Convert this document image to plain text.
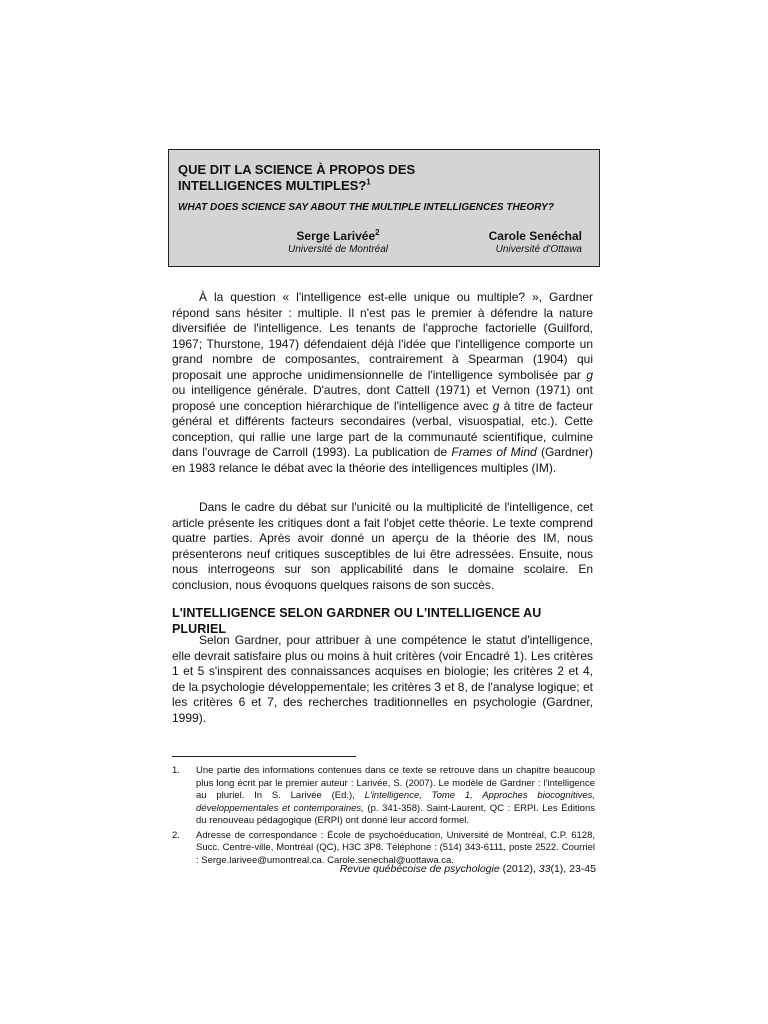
QUE DIT LA SCIENCE À PROPOS DES INTELLIGENCES MULTIPLES?$^1$
WHAT DOES SCIENCE SAY ABOUT THE MULTIPLE INTELLIGENCES THEORY?
Serge Larivée$^2$
Université de Montréal
Carole Senéchal
Université d'Ottawa

À la question « l'intelligence est-elle unique ou multiple? », Gardner répond sans hésiter : multiple. Il n'est pas le premier à défendre la nature diversifiée de l'intelligence. Les tenants de l'approche factorielle (Guilford, 1967; Thurstone, 1947) défendaient déjà l'idée que l'intelligence comporte un grand nombre de composantes, contrairement à Spearman (1904) qui proposait une approche unidimensionnelle de l'intelligence symbolisée par g ou intelligence générale. D'autres, dont Cattell (1971) et Vernon (1971) ont proposé une conception hiérarchique de l'intelligence avec g à titre de facteur général et différents facteurs secondaires (verbal, visuospatial, etc.). Cette conception, qui rallie une large part de la communauté scientifique, culmine dans l'ouvrage de Carroll (1993). La publication de Frames of Mind (Gardner) en 1983 relance le débat avec la théorie des intelligences multiples (IM).

Dans le cadre du débat sur l'unicité ou la multiplicité de l'intelligence, cet article présente les critiques dont a fait l'objet cette théorie. Le texte comprend quatre parties. Après avoir donné un aperçu de la théorie des IM, nous présenterons neuf critiques susceptibles de lui être adressées. Ensuite, nous nous interrogeons sur son applicabilité dans le domaine scolaire. En conclusion, nous évoquons quelques raisons de son succès.

L'INTELLIGENCE SELON GARDNER OU L'INTELLIGENCE AU PLURIEL

Selon Gardner, pour attribuer à une compétence le statut d'intelligence, elle devrait satisfaire plus ou moins à huit critères (voir Encadré 1). Les critères 1 et 5 s'inspirent des connaissances acquises en biologie; les critères 2 et 4, de la psychologie développementale; les critères 3 et 8, de l'analyse logique; et les critères 6 et 7, des recherches traditionnelles en psychologie (Gardner, 1999).

1. Une partie des informations contenues dans ce texte se retrouve dans un chapitre beaucoup plus long écrit par le premier auteur : Larivée, S. (2007). Le modèle de Gardner : l'intelligence au pluriel. In S. Larivée (Ed.), L'intelligence, Tome 1, Approches biocognitives, développementales et contemporaines, (p. 341-358). Saint-Laurent, QC : ERPI. Les Éditions du renouveau pédagogique (ERPI) ont donné leur accord formel.
2. Adresse de correspondance : École de psychoéducation, Université de Montréal, C.P. 6128, Succ. Centre-ville, Montréal (QC), H3C 3P8. Téléphone : (514) 343-6111, poste 2522. Courriel : Serge.larivee@umontreal.ca. Carole.senechal@uottawa.ca.
Revue québécoise de psychologie (2012), 33(1), 23-45
